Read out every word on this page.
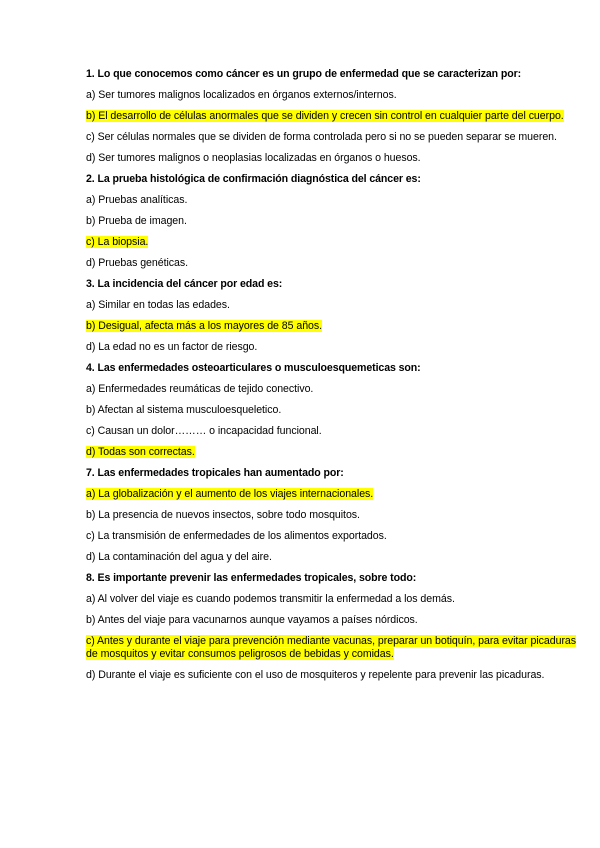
1. Lo que conocemos como cáncer es un grupo de enfermedad que se caracterizan por:

a) Ser tumores malignos localizados en órganos externos/internos.

b) El desarrollo de células anormales que se dividen y crecen sin control en cualquier parte del cuerpo.

c) Ser células normales que se dividen de forma controlada pero si no se pueden separar se mueren.

d) Ser tumores malignos o neoplasias localizadas en órganos o huesos.

2. La prueba histológica de confirmación diagnóstica del cáncer es:

a) Pruebas analíticas.

b) Prueba de imagen.

c) La biopsia.

d) Pruebas genéticas.

3. La incidencia del cáncer por edad es:

a) Similar en todas las edades.

b) Desigual, afecta más a los mayores de 85 años.

d) La edad no es un factor de riesgo.

4. Las enfermedades osteoarticulares o musculoesquemeticas son:

a) Enfermedades reumáticas de tejido conectivo.

b) Afectan al sistema musculoesqueletico.

c) Causan un dolor……… o incapacidad funcional.

d) Todas son correctas.

7. Las enfermedades tropicales han aumentado por:

a) La globalización y el aumento de los viajes internacionales.

b) La presencia de nuevos insectos, sobre todo mosquitos.

c) La transmisión de enfermedades de los alimentos exportados.

d) La contaminación del agua y del aire.

8. Es importante prevenir las enfermedades tropicales, sobre todo:

a) Al volver del viaje es cuando podemos transmitir la enfermedad a los demás.

b) Antes del viaje para vacunarnos aunque vayamos a países nórdicos.

c) Antes y durante el viaje para prevención mediante vacunas, preparar un botiquín, para evitar picaduras de mosquitos y evitar consumos peligrosos de bebidas y comidas.

d) Durante el viaje es suficiente con el uso de mosquiteros y repelente para prevenir las picaduras.
